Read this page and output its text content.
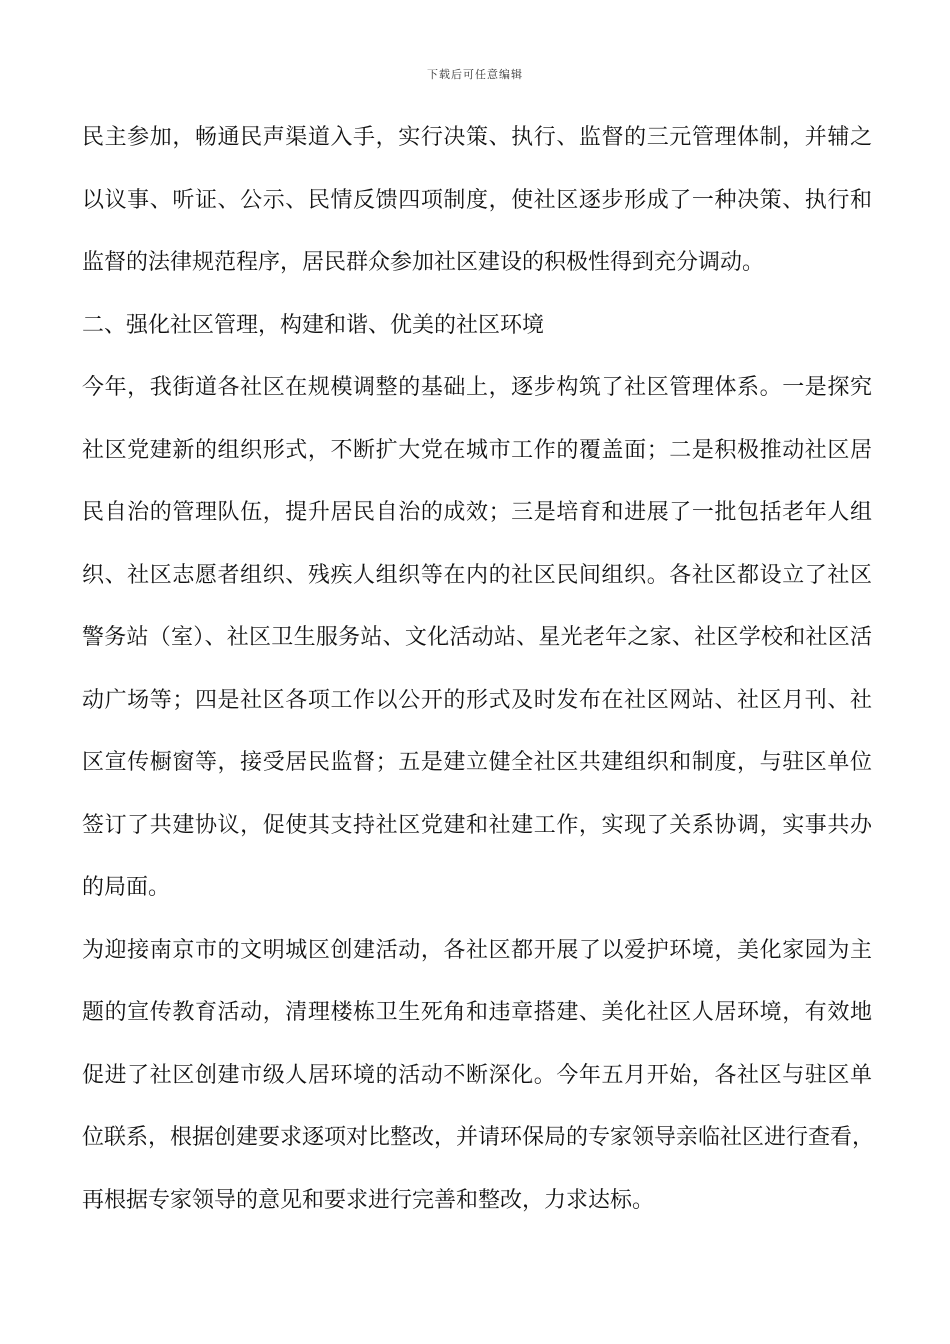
下载后可任意编辑
民主参加，畅通民声渠道入手，实行决策、执行、监督的三元管理体制，并辅之
以议事、听证、公示、民情反馈四项制度，使社区逐步形成了一种决策、执行和
监督的法律规范程序，居民群众参加社区建设的积极性得到充分调动。
二、强化社区管理，构建和谐、优美的社区环境
今年，我街道各社区在规模调整的基础上，逐步构筑了社区管理体系。一是探究
社区党建新的组织形式，不断扩大党在城市工作的覆盖面；二是积极推动社区居
民自治的管理队伍，提升居民自治的成效；三是培育和进展了一批包括老年人组
织、社区志愿者组织、残疾人组织等在内的社区民间组织。各社区都设立了社区
警务站（室）、社区卫生服务站、文化活动站、星光老年之家、社区学校和社区活
动广场等；四是社区各项工作以公开的形式及时发布在社区网站、社区月刊、社
区宣传橱窗等，接受居民监督；五是建立健全社区共建组织和制度，与驻区单位
签订了共建协议，促使其支持社区党建和社建工作，实现了关系协调，实事共办
的局面。
为迎接南京市的文明城区创建活动，各社区都开展了以爱护环境，美化家园为主
题的宣传教育活动，清理楼栋卫生死角和违章搭建、美化社区人居环境，有效地
促进了社区创建市级人居环境的活动不断深化。今年五月开始，各社区与驻区单
位联系，根据创建要求逐项对比整改，并请环保局的专家领导亲临社区进行查看，
再根据专家领导的意见和要求进行完善和整改，力求达标。
